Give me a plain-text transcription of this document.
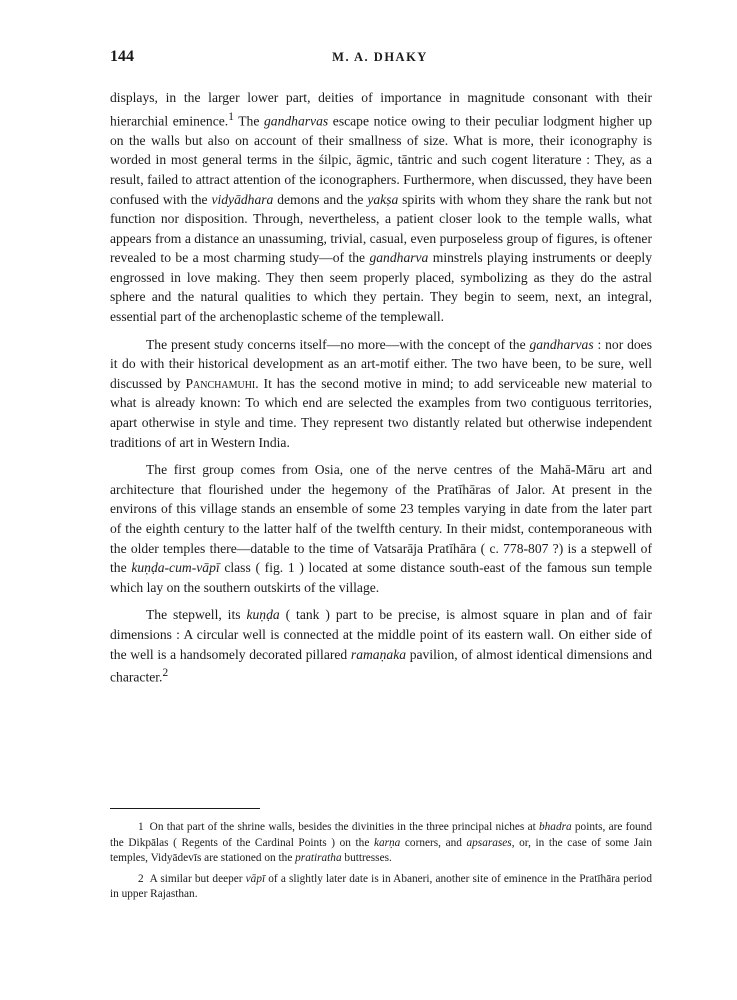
144	M. A. DHAKY

displays, in the larger lower part, deities of importance in magnitude consonant with their hierarchial eminence.$^1$ The gandharvas escape notice owing to their peculiar lodgment higher up on the walls but also on account of their smallness of size. What is more, their iconography is worded in most general terms in the śilpic, āgmic, tāntric and such cogent literature : They, as a result, failed to attract attention of the iconographers. Furthermore, when discussed, they have been confused with the vidyādhara demons and the yakṣa spirits with whom they share the rank but not function nor disposition. Through, nevertheless, a patient closer look to the temple walls, what appears from a distance an unassuming, trivial, casual, even purposeless group of figures, is oftener revealed to be a most charming study—of the gandharva minstrels playing instruments or deeply engrossed in love making. They then seem properly placed, symbolizing as they do the astral sphere and the natural qualities to which they pertain. They begin to seem, next, an integral, essential part of the archenoplastic scheme of the templewall.

The present study concerns itself—no more—with the concept of the gandharvas : nor does it do with their historical development as an art-motif either. The two have been, to be sure, well discussed by Panchamuhi. It has the second motive in mind; to add serviceable new material to what is already known: To which end are selected the examples from two contiguous territories, apart otherwise in style and time. They represent two distantly related but otherwise independent traditions of art in Western India.

The first group comes from Osia, one of the nerve centres of the Mahā-Māru art and architecture that flourished under the hegemony of the Pratīhāras of Jalor. At present in the environs of this village stands an ensemble of some 23 temples varying in date from the later part of the eighth century to the latter half of the twelfth century. In their midst, contemporaneous with the older temples there—datable to the time of Vatsarāja Pratīhāra ( c. 778-807 ?) is a stepwell of the kuṇḍa-cum-vāpī class ( fig. 1 ) located at some distance south-east of the famous sun temple which lay on the southern outskirts of the village.

The stepwell, its kuṇḍa ( tank ) part to be precise, is almost square in plan and of fair dimensions : A circular well is connected at the middle point of its eastern wall. On either side of the well is a handsomely decorated pillared ramaṇaka pavilion, of almost identical dimensions and character.$^2$

1 On that part of the shrine walls, besides the divinities in the three principal niches at bhadra points, are found the Dikpālas ( Regents of the Cardinal Points ) on the karṇa corners, and apsarases, or, in the case of some Jain temples, Vidyādevīs are stationed on the pratiratha buttresses.

2 A similar but deeper vāpī of a slightly later date is in Abaneri, another site of eminence in the Pratīhāra period in upper Rajasthan.
